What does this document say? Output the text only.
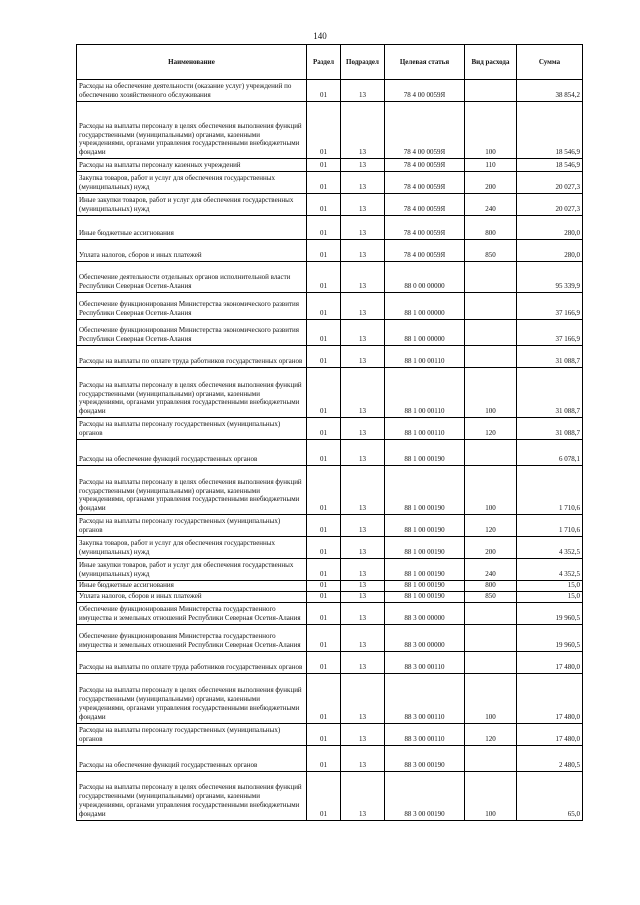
140
Наименование	Раздел	Подраздел	Целевая статья	Вид расхода	Сумма
Расходы на обеспечение деятельности (оказание услуг) учреждений по обеспечению хозяйственного обслуживания	01	13	78 4 00 0059Я		38 854,2
Расходы на выплаты персоналу в целях обеспечения выполнения функций государственными (муниципальными) органами, казенными учреждениями, органами управления государственными внебюджетными фондами	01	13	78 4 00 0059Я	100	18 546,9
Расходы на выплаты персоналу казенных учреждений	01	13	78 4 00 0059Я	110	18 546,9
Закупка товаров, работ и услуг для обеспечения государственных (муниципальных) нужд	01	13	78 4 00 0059Я	200	20 027,3
Иные закупки товаров, работ и услуг для обеспечения государственных (муниципальных) нужд	01	13	78 4 00 0059Я	240	20 027,3
Иные бюджетные ассигнования	01	13	78 4 00 0059Я	800	280,0
Уплата налогов, сборов и иных платежей	01	13	78 4 00 0059Я	850	280,0
Обеспечение деятельности отдельных органов исполнительной власти Республики Северная Осетия-Алания	01	13	88 0 00 00000		95 339,9
Обеспечение функционирования Министерства экономического развития Республики Северная Осетия-Алания	01	13	88 1 00 00000		37 166,9
Обеспечение функционирования Министерства экономического развития Республики Северная Осетия-Алания	01	13	88 1 00 00000		37 166,9
Расходы на выплаты по оплате труда работников государственных органов	01	13	88 1 00 00110		31 088,7
Расходы на выплаты персоналу в целях обеспечения выполнения функций государственными (муниципальными) органами, казенными учреждениями, органами управления государственными внебюджетными фондами	01	13	88 1 00 00110	100	31 088,7
Расходы на выплаты персоналу государственных (муниципальных) органов	01	13	88 1 00 00110	120	31 088,7
Расходы на обеспечение функций государственных органов	01	13	88 1 00 00190		6 078,1
Расходы на выплаты персоналу в целях обеспечения выполнения функций государственными (муниципальными) органами, казенными учреждениями, органами управления государственными внебюджетными фондами	01	13	88 1 00 00190	100	1 710,6
Расходы на выплаты персоналу государственных (муниципальных) органов	01	13	88 1 00 00190	120	1 710,6
Закупка товаров, работ и услуг для обеспечения государственных (муниципальных) нужд	01	13	88 1 00 00190	200	4 352,5
Иные закупки товаров, работ и услуг для обеспечения государственных (муниципальных) нужд	01	13	88 1 00 00190	240	4 352,5
Иные бюджетные ассигнования	01	13	88 1 00 00190	800	15,0
Уплата налогов, сборов и иных платежей	01	13	88 1 00 00190	850	15,0
Обеспечение функционирования Министерства государственного имущества и земельных отношений Республики Северная Осетия-Алания	01	13	88 3 00 00000		19 960,5
Обеспечение функционирования Министерства государственного имущества и земельных отношений Республики Северная Осетия-Алания	01	13	88 3 00 00000		19 960,5
Расходы на выплаты по оплате труда работников государственных органов	01	13	88 3 00 00110		17 480,0
Расходы на выплаты персоналу в целях обеспечения выполнения функций государственными (муниципальными) органами, казенными учреждениями, органами управления государственными внебюджетными фондами	01	13	88 3 00 00110	100	17 480,0
Расходы на выплаты персоналу государственных (муниципальных) органов	01	13	88 3 00 00110	120	17 480,0
Расходы на обеспечение функций государственных органов	01	13	88 3 00 00190		2 480,5
Расходы на выплаты персоналу в целях обеспечения выполнения функций государственными (муниципальными) органами, казенными учреждениями, органами управления государственными внебюджетными фондами	01	13	88 3 00 00190	100	65,0
